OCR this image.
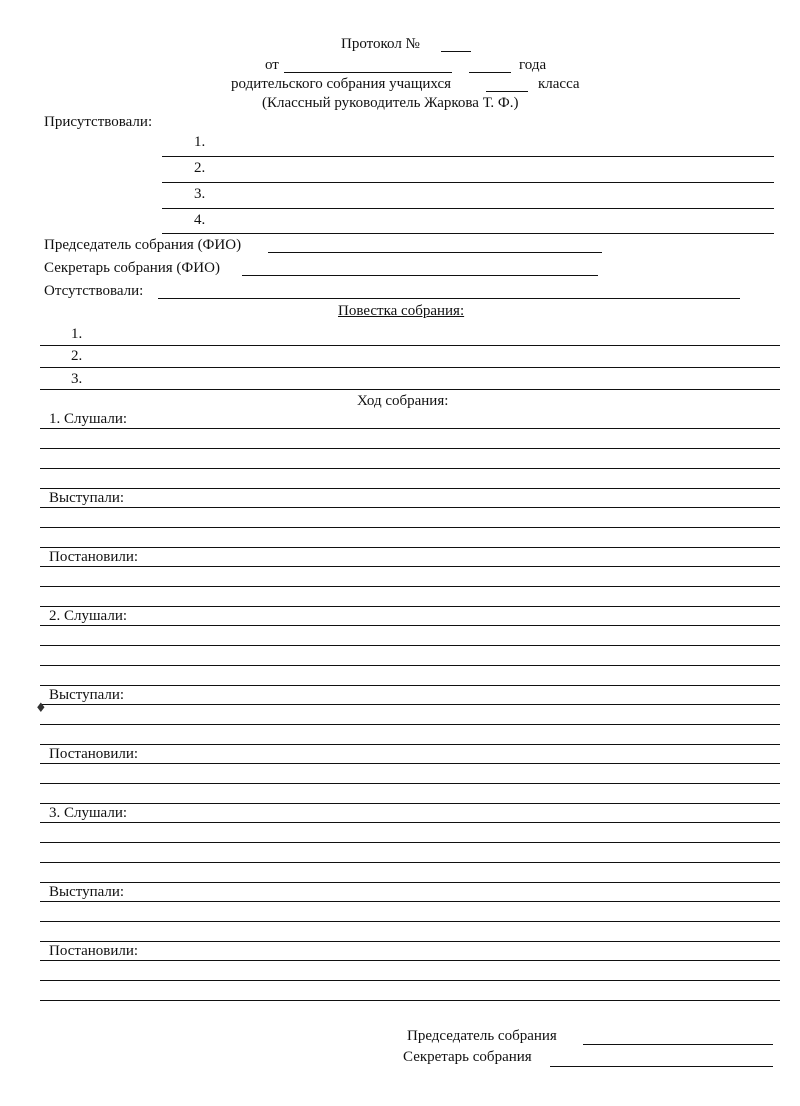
Протокол №
от	года
родительского собрания учащихся	класса
(Классный руководитель Жаркова Т. Ф.)
Присутствовали:
1.
2.
3.
4.
Председатель собрания (ФИО)
Секретарь собрания (ФИО)
Отсутствовали:
Повестка собрания:
1.
2.
3.
Ход собрания:
1. Слушали:
Выступали:
Постановили:
2. Слушали:
Выступали:
♦
Постановили:
3. Слушали:
Выступали:
Постановили:
Председатель собрания
Секретарь собрания
